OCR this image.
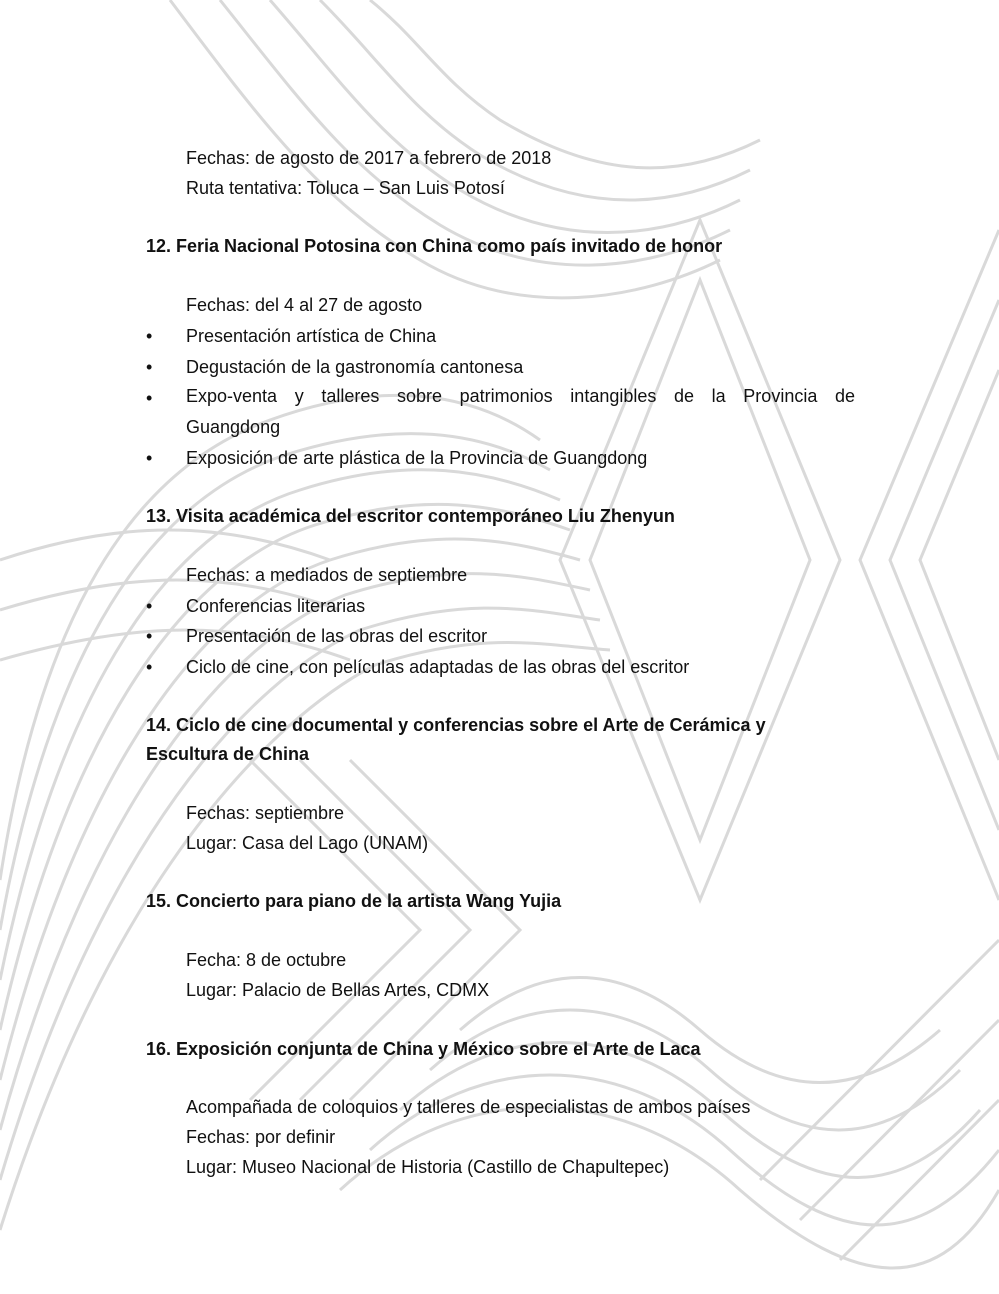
Fechas: de agosto de 2017 a febrero de 2018
Ruta tentativa: Toluca – San Luis Potosí
12. Feria Nacional Potosina con China como país invitado de honor
Fechas: del 4 al 27 de agosto
•	Presentación artística de China
•	Degustación de la gastronomía cantonesa
•	Expo-venta y talleres sobre patrimonios intangibles de la Provincia de
Guangdong
•	Exposición de arte plástica de la Provincia de Guangdong
13. Visita académica del escritor contemporáneo Liu Zhenyun
Fechas: a mediados de septiembre
•	Conferencias literarias
•	Presentación de las obras del escritor
•	Ciclo de cine, con películas adaptadas de las obras del escritor
14. Ciclo de cine documental y conferencias sobre el Arte de Cerámica y
Escultura de China
Fechas: septiembre
Lugar: Casa del Lago (UNAM)
15. Concierto para piano de la artista Wang Yujia
Fecha: 8 de octubre
Lugar: Palacio de Bellas Artes, CDMX
16. Exposición conjunta de China y México sobre el Arte de Laca
Acompañada de coloquios y talleres de especialistas de ambos países
Fechas: por definir
Lugar: Museo Nacional de Historia (Castillo de Chapultepec)
